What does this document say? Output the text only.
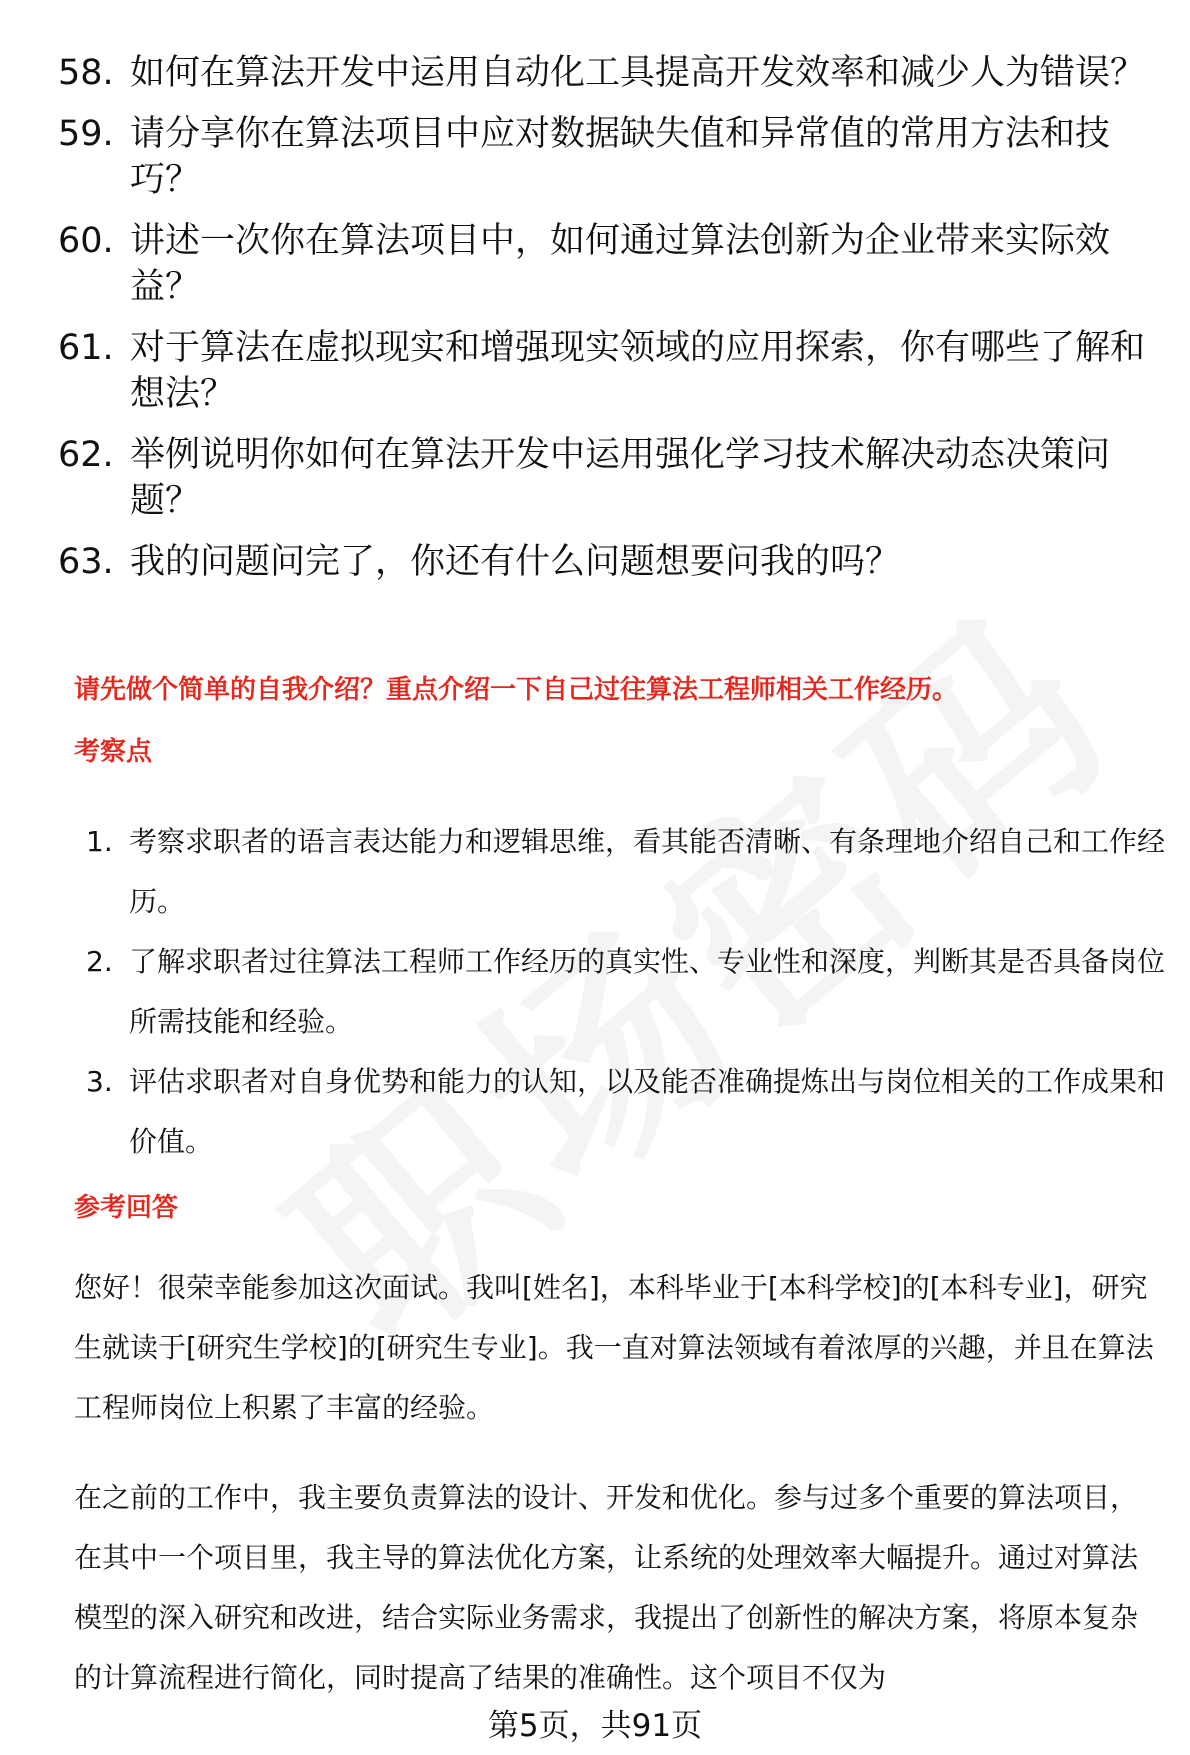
58. 如何在算法开发中运用自动化工具提高开发效率和减少人为错误？
59. 请分享你在算法项目中应对数据缺失值和异常值的常用方法和技巧？
60. 讲述一次你在算法项目中，如何通过算法创新为企业带来实际效益？
61. 对于算法在虚拟现实和增强现实领域的应用探索，你有哪些了解和想法？
62. 举例说明你如何在算法开发中运用强化学习技术解决动态决策问题？
63. 我的问题问完了，你还有什么问题想要问我的吗？
请先做个简单的自我介绍？重点介绍一下自己过往算法工程师相关工作经历。
考察点
1. 考察求职者的语言表达能力和逻辑思维，看其能否清晰、有条理地介绍自己和工作经历。
2. 了解求职者过往算法工程师工作经历的真实性、专业性和深度，判断其是否具备岗位所需技能和经验。
3. 评估求职者对自身优势和能力的认知，以及能否准确提炼出与岗位相关的工作成果和价值。
参考回答

您好！很荣幸能参加这次面试。我叫[姓名]，本科毕业于[本科学校]的[本科专业]，研究生就读于[研究生学校]的[研究生专业]。我一直对算法领域有着浓厚的兴趣，并且在算法工程师岗位上积累了丰富的经验。

在之前的工作中，我主要负责算法的设计、开发和优化。参与过多个重要的算法项目，在其中一个项目里，我主导的算法优化方案，让系统的处理效率大幅提升。通过对算法模型的深入研究和改进，结合实际业务需求，我提出了创新性的解决方案，将原本复杂的计算流程进行简化，同时提高了结果的准确性。这个项目不仅为

第5页，共91页
